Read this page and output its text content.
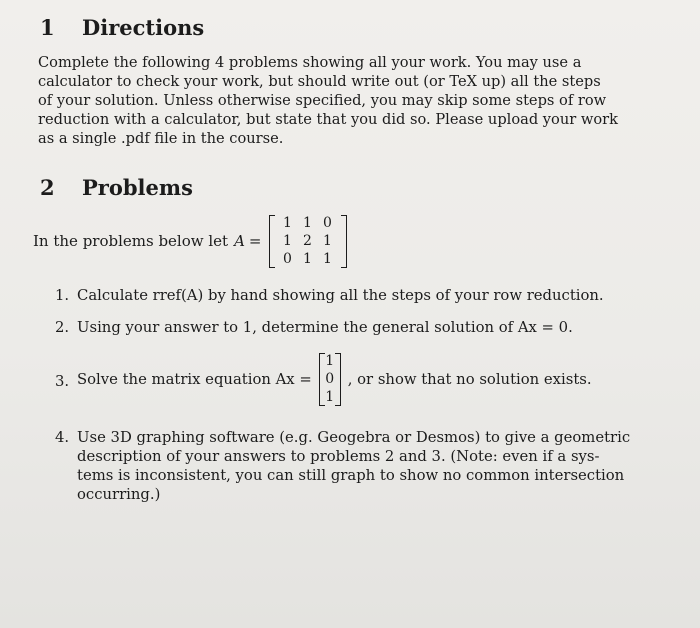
1 Directions
Complete the following 4 problems showing all your work. You may use a
calculator to check your work, but should write out (or TeX up) all the steps
of your solution. Unless otherwise specified, you may skip some steps of row
reduction with a calculator, but state that you did so. Please upload your work
as a single .pdf file in the course.
2 Problems
In the problems below let A =
1 1 0
1 2 1
0 1 1
1. Calculate rref(A) by hand showing all the steps of your row reduction.
2. Using your answer to 1, determine the general solution of Ax = 0.
3. Solve the matrix equation Ax =
1
0
1
, or show that no solution exists.
4. Use 3D graphing software (e.g. Geogebra or Desmos) to give a geometric
description of your answers to problems 2 and 3. (Note: even if a sys-
tems is inconsistent, you can still graph to show no common intersection
occurring.)
